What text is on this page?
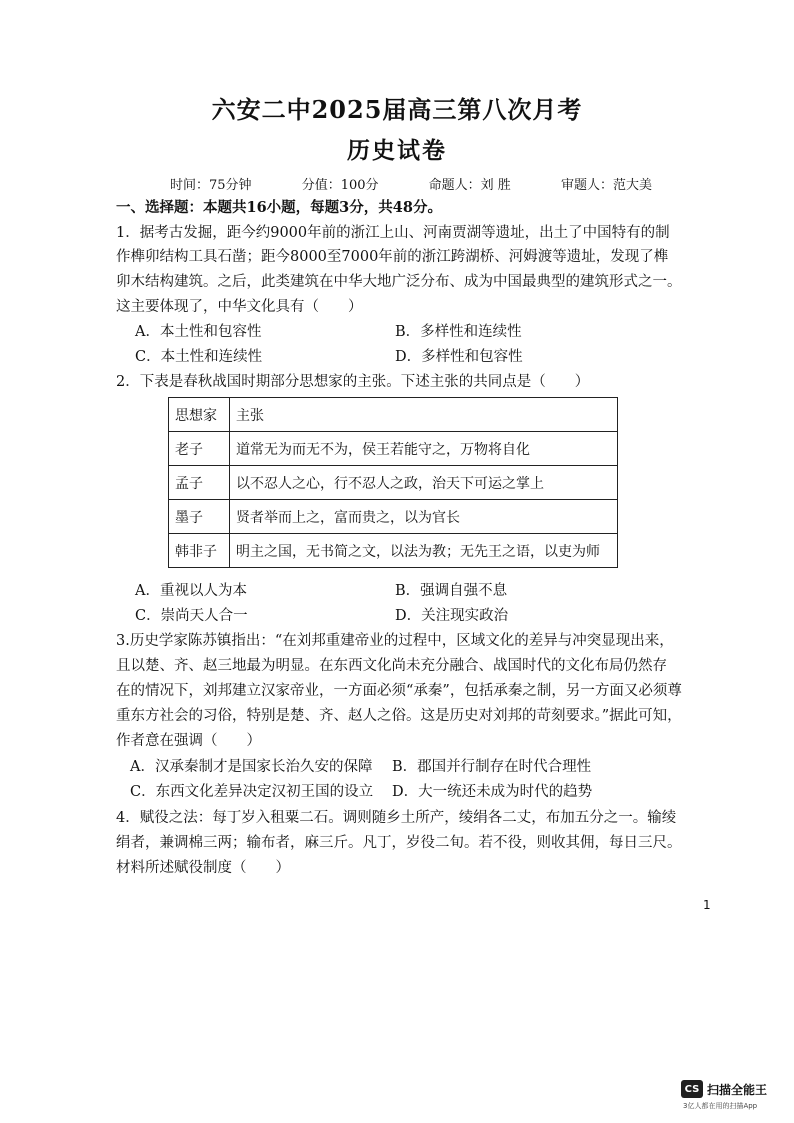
六安二中2025届高三第八次月考
历史试卷
时间：75分钟	分值：100分	命题人：刘 胜	审题人：范大美
一、选择题：本题共16小题，每题3分，共48分。
1．据考古发掘，距今约9000年前的浙江上山、河南贾湖等遗址，出土了中国特有的制
作榫卯结构工具石凿；距今8000至7000年前的浙江跨湖桥、河姆渡等遗址，发现了榫
卯木结构建筑。之后，此类建筑在中华大地广泛分布、成为中国最典型的建筑形式之一。
这主要体现了，中华文化具有（　　）
A．本土性和包容性	B．多样性和连续性
C．本土性和连续性	D．多样性和包容性
2．下表是春秋战国时期部分思想家的主张。下述主张的共同点是（　　）
思想家	主张
老子	道常无为而无不为，侯王若能守之，万物将自化
孟子	以不忍人之心，行不忍人之政，治天下可运之掌上
墨子	贤者举而上之，富而贵之，以为官长
韩非子	明主之国，无书简之文，以法为教；无先王之语，以吏为师
A．重视以人为本	B．强调自强不息
C．崇尚天人合一	D．关注现实政治
3.历史学家陈苏镇指出：“在刘邦重建帝业的过程中，区域文化的差异与冲突显现出来，
且以楚、齐、赵三地最为明显。在东西文化尚未充分融合、战国时代的文化布局仍然存
在的情况下，刘邦建立汉家帝业，一方面必须“承秦”，包括承秦之制，另一方面又必须尊
重东方社会的习俗，特别是楚、齐、赵人之俗。这是历史对刘邦的苛刻要求。”据此可知，
作者意在强调（　　）
A．汉承秦制才是国家长治久安的保障 B．郡国并行制存在时代合理性
C．东西文化差异决定汉初王国的设立 D．大一统还未成为时代的趋势
4．赋役之法：每丁岁入租粟二石。调则随乡土所产，绫绢各二丈，布加五分之一。输绫
绢者，兼调棉三两；输布者，麻三斤。凡丁，岁役二旬。若不役，则收其佣，每日三尺。
材料所述赋役制度（　　）
1
CS 扫描全能王
3亿人都在用的扫描App
